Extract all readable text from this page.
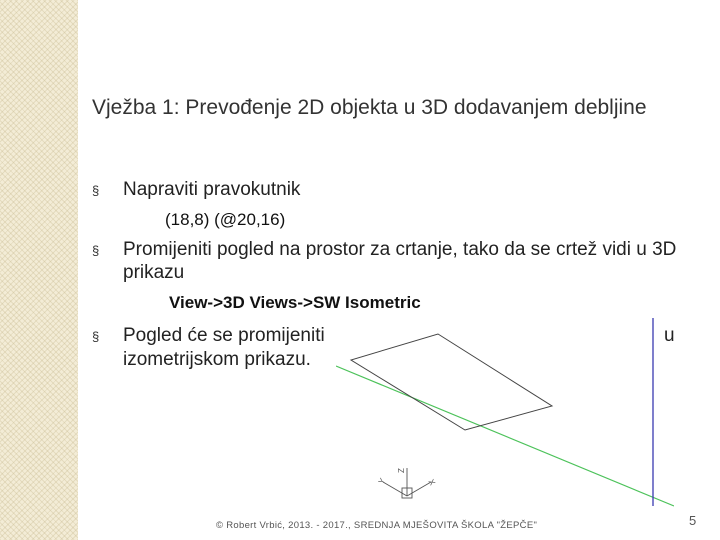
Vježba 1: Prevođenje 2D objekta u 3D dodavanjem debljine
Z
Y	X
§ Napraviti pravokutnik
(18,8) (@20,16)
§ Promijeniti pogled na prostor za crtanje, tako da se crtež vidi u 3D prikazu
View->3D Views->SW Isometric
§ Pogled će se promijeniti	u
izometrijskom prikazu.
© Robert Vrbić, 2013. - 2017., SREDNJA MJEŠOVITA ŠKOLA "ŽEPČE"	5
